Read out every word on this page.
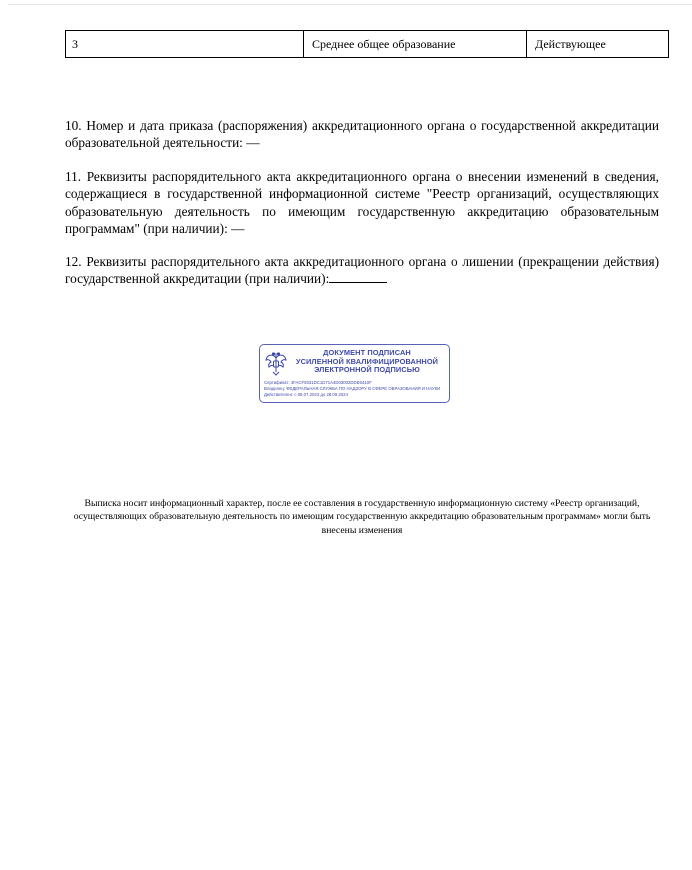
3	Среднее общее образование	Действующее

10. Номер и дата приказа (распоряжения) аккредитационного органа о государственной аккредитации образовательной деятельности: —

11. Реквизиты распорядительного акта аккредитационного органа о внесении изменений в сведения, содержащиеся в государственной информационной системе "Реестр организаций, осуществляющих образовательную деятельность по имеющим государственную аккредитацию образовательным программам" (при наличии): —

12. Реквизиты распорядительного акта аккредитационного органа о лишении (прекращении действия) государственной аккредитации (при наличии):

ДОКУМЕНТ ПОДПИСАН
УСИЛЕННОЙ КВАЛИФИЦИРОВАННОЙ
ЭЛЕКТРОННОЙ ПОДПИСЬЮ
Сертификат: 4FACF9331DC1D71A4D03002DDE6410F
Владелец: ФЕДЕРАЛЬНАЯ СЛУЖБА ПО НАДЗОРУ В СФЕРЕ ОБРАЗОВАНИЯ И НАУКИ
Действителен: с 08.07.2023 до 28.09.2024
Выписка носит информационный характер, после ее составления в государственную информационную систему «Реестр организаций, осуществляющих образовательную деятельность по имеющим государственную аккредитацию образовательным программам» могли быть внесены изменения
